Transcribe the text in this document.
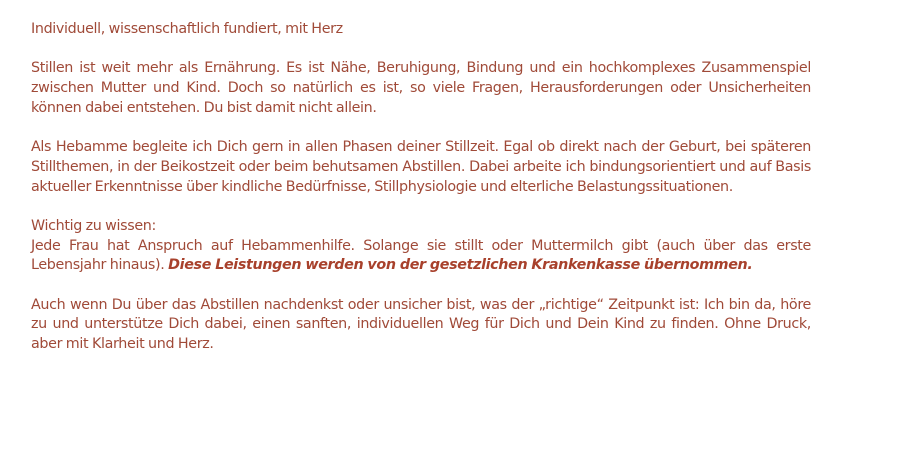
Individuell, wissenschaftlich fundiert, mit Herz

Stillen ist weit mehr als Ernährung. Es ist Nähe, Beruhigung, Bindung und ein hochkomplexes Zusammenspiel zwischen Mutter und Kind. Doch so natürlich es ist, so viele Fragen, Herausforderungen oder Unsicherheiten können dabei entstehen. Du bist damit nicht allein.

Als Hebamme begleite ich Dich gern in allen Phasen deiner Stillzeit. Egal ob direkt nach der Geburt, bei späteren Stillthemen, in der Beikostzeit oder beim behutsamen Abstillen. Dabei arbeite ich bindungsorientiert und auf Basis aktueller Erkenntnisse über kindliche Bedürfnisse, Stillphysiologie und elterliche Belastungssituationen.

Wichtig zu wissen:

Jede Frau hat Anspruch auf Hebammenhilfe. Solange sie stillt oder Muttermilch gibt (auch über das erste Lebensjahr hinaus). Diese Leistungen werden von der gesetzlichen Krankenkasse übernommen.

Auch wenn Du über das Abstillen nachdenkst oder unsicher bist, was der „richtige“ Zeitpunkt ist: Ich bin da, höre zu und unterstütze Dich dabei, einen sanften, individuellen Weg für Dich und Dein Kind zu finden. Ohne Druck, aber mit Klarheit und Herz.
